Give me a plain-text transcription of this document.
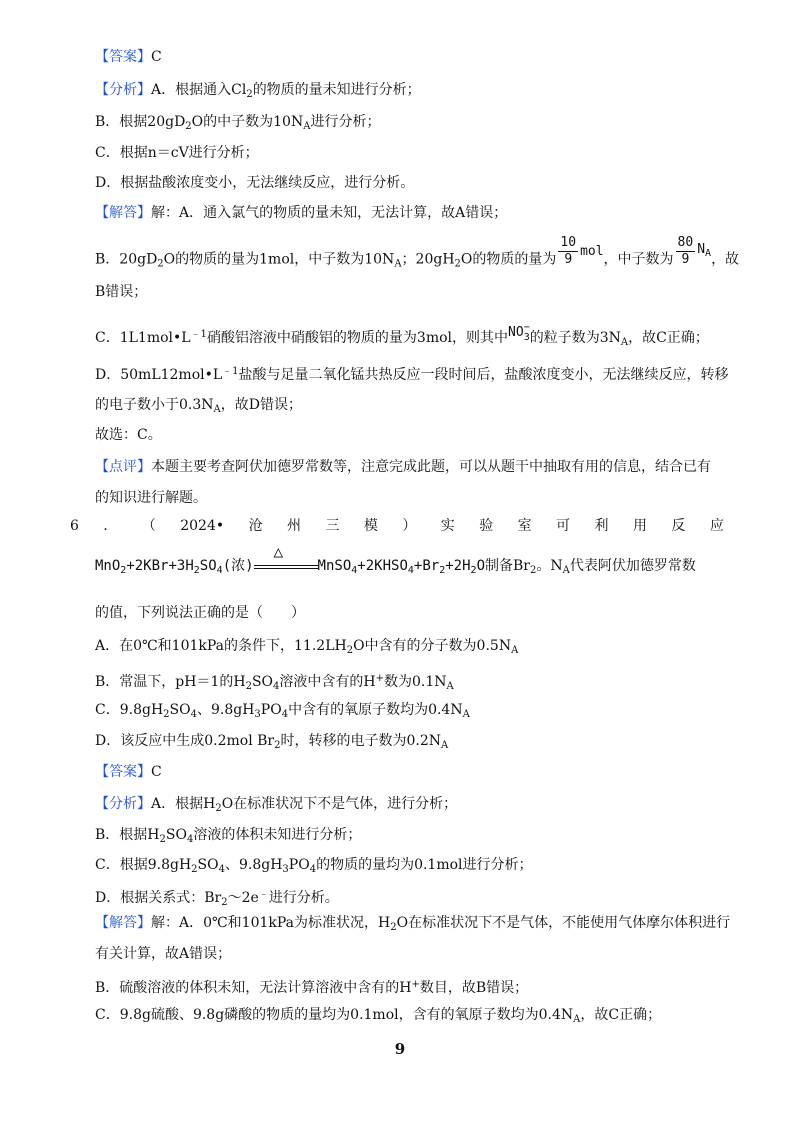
【答案】C
【分析】A．根据通入$Cl_2$的物质的量未知进行分析；
B．根据$20gD_2O$的中子数为$10N_A$进行分析；
C．根据n＝cV进行分析；
D．根据盐酸浓度变小，无法继续反应，进行分析。
【解答】解：A．通入氯气的物质的量未知，无法计算，故A错误；
B．$20gD_2O$的物质的量为1mol，中子数为$10N_A$；$20gH_2O$的物质的量为 $\frac{10}{9}$ mol，中子数为 $\frac{80}{9} N_A$，故
B错误；
C．$1L1mol•L^{﹣1}$硝酸铝溶液中硝酸铝的物质的量为3mol，则其中NO −
3 的粒子数为$3N_A$，故C正确；
D．$50mL12mol•L^{﹣1}$盐酸与足量二氧化锰共热反应一段时间后，盐酸浓度变小，无法继续反应，转移
的电子数小于$0.3N_A$，故D错误；
故选：C。
【点评】本题主要考查阿伏加德罗常数等，注意完成此题，可以从题干中抽取有用的信息，结合已有
的知识进行解题。
6 ． （ 2024• 沧 州 三 模 ） 实 验 室 可 利 用 反 应
$MnO_2+2KBr+3H_2SO_4$(浓)
△
$MnSO_4+2KHSO_4+Br_2+2H_2O$制备$Br_2$。$N_A$代表阿伏加德罗常数
的值，下列说法正确的是（　　）
A．在0℃和101kPa的条件下，$11.2LH_2O$中含有的分子数为$0.5N_A$
B．常温下，pH＝1的$H_2SO_4$溶液中含有的H+数为$0.1N_A$
C．$9.8gH_2SO_4$、$9.8gH_3PO_4$中含有的氧原子数均为$0.4N_A$
D．该反应中生成0.2mol $Br_2$时，转移的电子数为$0.2N_A$
【答案】C
【分析】A．根据$H_2O$在标准状况下不是气体，进行分析；
B．根据$H_2SO_4$溶液的体积未知进行分析；
C．根据$9.8gH_2SO_4$、$9.8gH_3PO_4$的物质的量均为0.1mol进行分析；
D．根据关系式：$Br_2\sim 2e^﹣$进行分析。
【解答】解：A．0℃和101kPa为标准状况，$H_2O$在标准状况下不是气体，不能使用气体摩尔体积进行
有关计算，故A错误；
B．硫酸溶液的体积未知，无法计算溶液中含有的H+数目，故B错误；
C．9.8g硫酸、9.8g磷酸的物质的量均为0.1mol，含有的氧原子数均为$0.4N_A$，故C正确；
9
